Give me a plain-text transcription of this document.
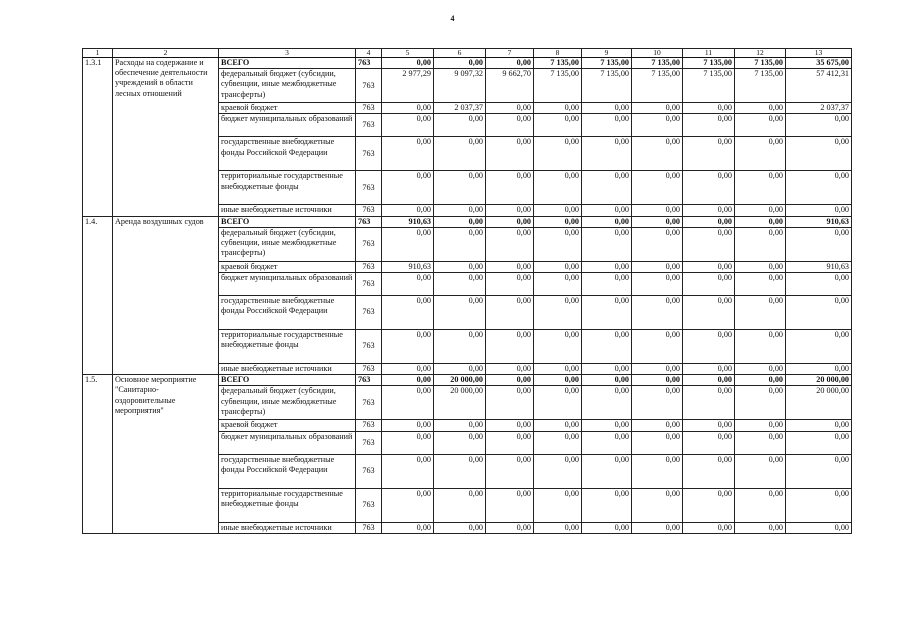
4
1	2	3	4	5	6	7	8	9	10	11	12	13
1.3.1	Расходы на содержание и обеспечение деятельности учреждений в области лесных отношений	ВСЕГО	763	0,00	0,00	0,00	7 135,00	7 135,00	7 135,00	7 135,00	7 135,00	35 675,00
		федеральный бюджет (субсидии, субвенции, иные межбюджетные трансферты)	763	2 977,29	9 097,32	9 662,70	7 135,00	7 135,00	7 135,00	7 135,00	7 135,00	57 412,31
		краевой бюджет	763	0,00	2 037,37	0,00	0,00	0,00	0,00	0,00	0,00	2 037,37
		бюджет муниципальных образований	763	0,00	0,00	0,00	0,00	0,00	0,00	0,00	0,00	0,00
		государственные внебюджетные фонды Российской Федерации	763	0,00	0,00	0,00	0,00	0,00	0,00	0,00	0,00	0,00
		территориальные государственные внебюджетные фонды	763	0,00	0,00	0,00	0,00	0,00	0,00	0,00	0,00	0,00
		иные внебюджетные источники	763	0,00	0,00	0,00	0,00	0,00	0,00	0,00	0,00	0,00
1.4.	Аренда воздушных судов	ВСЕГО	763	910,63	0,00	0,00	0,00	0,00	0,00	0,00	0,00	910,63
		федеральный бюджет (субсидии, субвенции, иные межбюджетные трансферты)	763	0,00	0,00	0,00	0,00	0,00	0,00	0,00	0,00	0,00
		краевой бюджет	763	910,63	0,00	0,00	0,00	0,00	0,00	0,00	0,00	910,63
		бюджет муниципальных образований	763	0,00	0,00	0,00	0,00	0,00	0,00	0,00	0,00	0,00
		государственные внебюджетные фонды Российской Федерации	763	0,00	0,00	0,00	0,00	0,00	0,00	0,00	0,00	0,00
		территориальные государственные внебюджетные фонды	763	0,00	0,00	0,00	0,00	0,00	0,00	0,00	0,00	0,00
		иные внебюджетные источники	763	0,00	0,00	0,00	0,00	0,00	0,00	0,00	0,00	0,00
1.5.	Основное мероприятие "Санитарно-оздоровительные мероприятия"	ВСЕГО	763	0,00	20 000,00	0,00	0,00	0,00	0,00	0,00	0,00	20 000,00
		федеральный бюджет (субсидии, субвенции, иные межбюджетные трансферты)	763	0,00	20 000,00	0,00	0,00	0,00	0,00	0,00	0,00	20 000,00
		краевой бюджет	763	0,00	0,00	0,00	0,00	0,00	0,00	0,00	0,00	0,00
		бюджет муниципальных образований	763	0,00	0,00	0,00	0,00	0,00	0,00	0,00	0,00	0,00
		государственные внебюджетные фонды Российской Федерации	763	0,00	0,00	0,00	0,00	0,00	0,00	0,00	0,00	0,00
		территориальные государственные внебюджетные фонды	763	0,00	0,00	0,00	0,00	0,00	0,00	0,00	0,00	0,00
		иные внебюджетные источники	763	0,00	0,00	0,00	0,00	0,00	0,00	0,00	0,00	0,00
